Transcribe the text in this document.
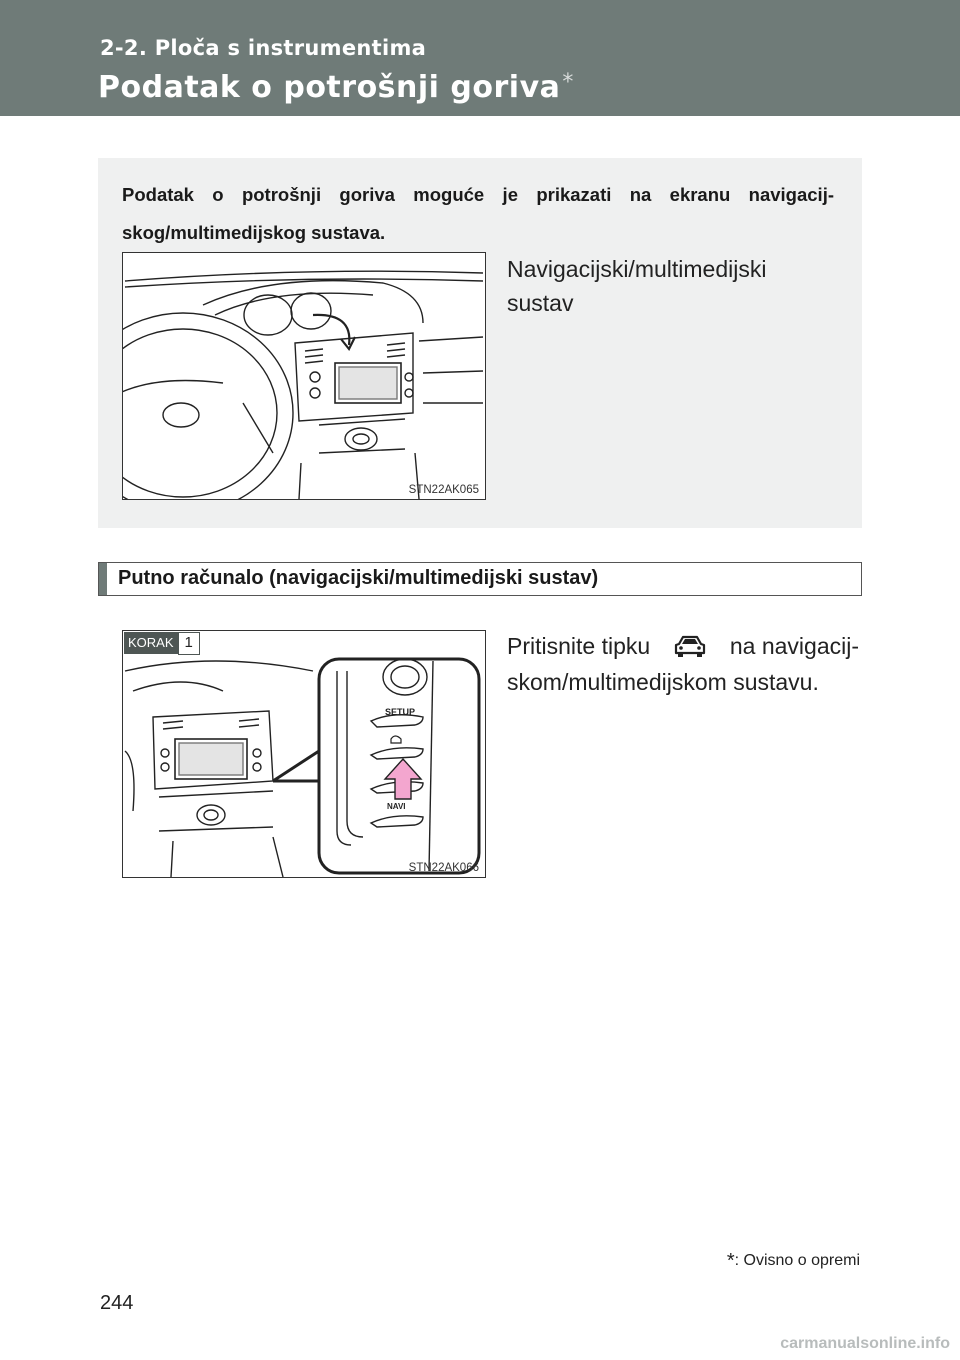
2-2. Ploča s instrumentima
Podatak o potrošnji goriva*
Podatak o potrošnji goriva moguće je prikazati na ekranu navigacij-skog/multimedijskog sustava.
STN22AK065
Navigacijski/multimedijski sustav
Putno računalo (navigacijski/multimedijski sustav)
KORAK 1
SETUP
NAVI
STN22AK066
Pritisnite tipku	na navigacij-
skom/multimedijskom sustavu.
*: Ovisno o opremi
244
carmanualsonline.info
